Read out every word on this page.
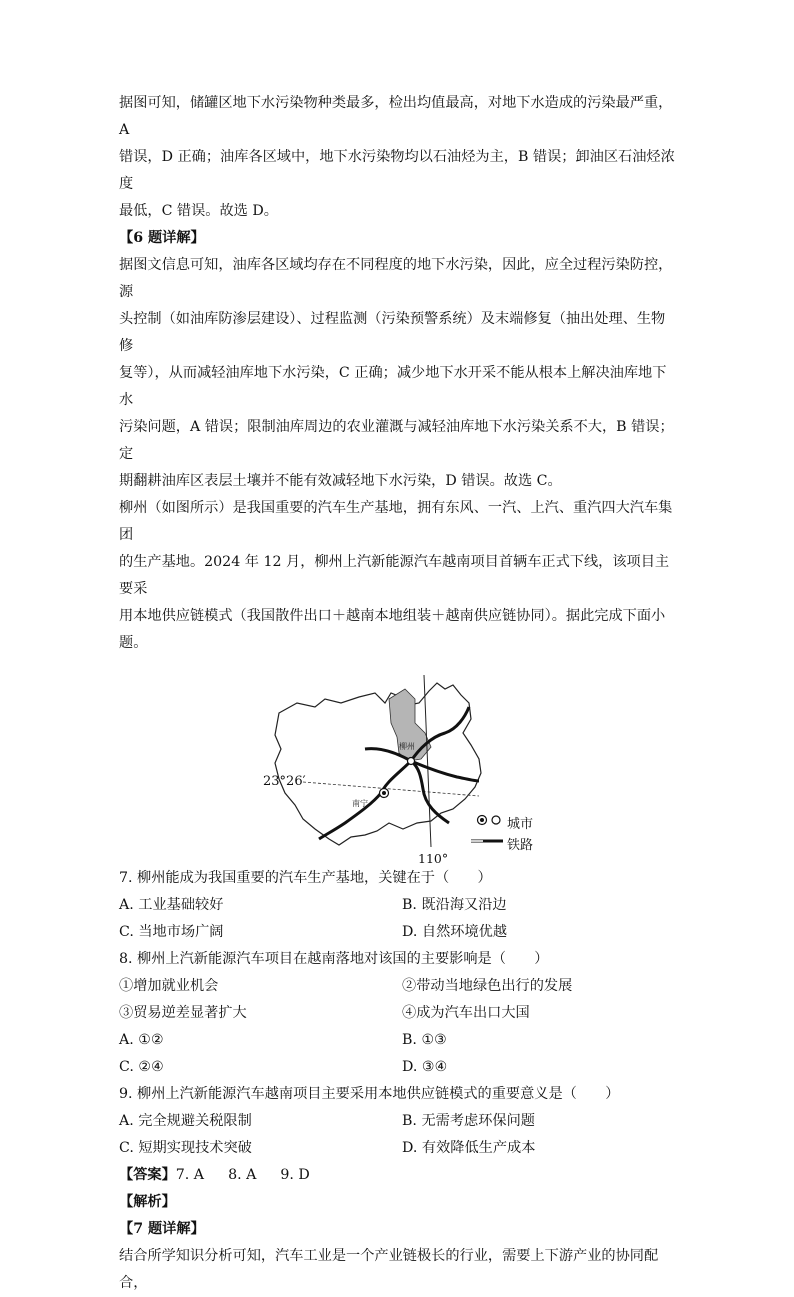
据图可知，储罐区地下水污染物种类最多，检出均值最高，对地下水造成的污染最严重，A

错误，D 正确；油库各区域中，地下水污染物均以石油烃为主，B 错误；卸油区石油烃浓度

最低，C 错误。故选 D。

【6 题详解】

据图文信息可知，油库各区域均存在不同程度的地下水污染，因此，应全过程污染防控，源

头控制（如油库防渗层建设）、过程监测（污染预警系统）及末端修复（抽出处理、生物修

复等），从而减轻油库地下水污染，C 正确；减少地下水开采不能从根本上解决油库地下水

污染问题，A 错误；限制油库周边的农业灌溉与减轻油库地下水污染关系不大，B 错误；定

期翻耕油库区表层土壤并不能有效减轻地下水污染，D 错误。故选 C。

柳州（如图所示）是我国重要的汽车生产基地，拥有东风、一汽、上汽、重汽四大汽车集团

的生产基地。2024 年 12 月，柳州上汽新能源汽车越南项目首辆车正式下线，该项目主要采

用本地供应链模式（我国散件出口＋越南本地组装＋越南供应链协同）。据此完成下面小题。

23°26′
110°
柳州
南宁
城市
铁路

7. 柳州能成为我国重要的汽车生产基地，关键在于（　　）

A. 工业基础较好	B. 既沿海又沿边
C. 当地市场广阔	D. 自然环境优越

8. 柳州上汽新能源汽车项目在越南落地对该国的主要影响是（　　）

①增加就业机会	②带动当地绿色出行的发展
③贸易逆差显著扩大	④成为汽车出口大国
A. ①②	B. ①③
C. ②④	D. ③④

9. 柳州上汽新能源汽车越南项目主要采用本地供应链模式的重要意义是（　　）

A. 完全规避关税限制	B. 无需考虑环保问题
C. 短期实现技术突破	D. 有效降低生产成本

【答案】7. A 8. A 9. D

【解析】

【7 题详解】

结合所学知识分析可知，汽车工业是一个产业链极长的行业，需要上下游产业的协同配合，
